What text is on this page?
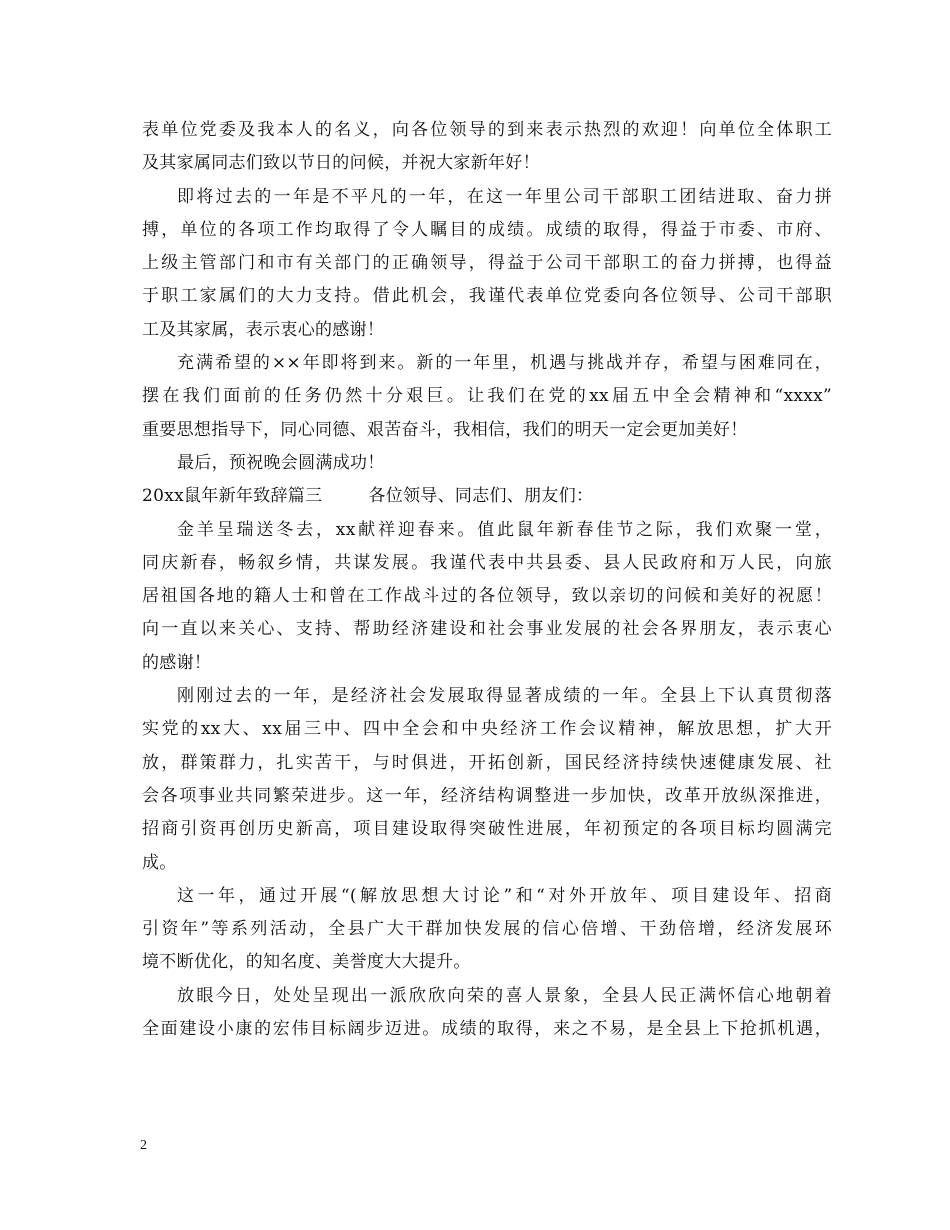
表单位党委及我本人的名义，向各位领导的到来表示热烈的欢迎！向单位全体职工
及其家属同志们致以节日的问候，并祝大家新年好！
即将过去的一年是不平凡的一年，在这一年里公司干部职工团结进取、奋力拼
搏，单位的各项工作均取得了令人瞩目的成绩。成绩的取得，得益于市委、市府、
上级主管部门和市有关部门的正确领导，得益于公司干部职工的奋力拼搏，也得益
于职工家属们的大力支持。借此机会，我谨代表单位党委向各位领导、公司干部职
工及其家属，表示衷心的感谢！
充满希望的××年即将到来。新的一年里，机遇与挑战并存，希望与困难同在，
摆在我们面前的任务仍然十分艰巨。让我们在党的xx届五中全会精神和“xxxx”
重要思想指导下，同心同德、艰苦奋斗，我相信，我们的明天一定会更加美好！
最后，预祝晚会圆满成功！
20xx鼠年新年致辞篇三	各位领导、同志们、朋友们：
金羊呈瑞送冬去，xx献祥迎春来。值此鼠年新春佳节之际，我们欢聚一堂，
同庆新春，畅叙乡情，共谋发展。我谨代表中共县委、县人民政府和万人民，向旅
居祖国各地的籍人士和曾在工作战斗过的各位领导，致以亲切的问候和美好的祝愿！
向一直以来关心、支持、帮助经济建设和社会事业发展的社会各界朋友，表示衷心
的感谢！
刚刚过去的一年，是经济社会发展取得显著成绩的一年。全县上下认真贯彻落
实党的xx大、xx届三中、四中全会和中央经济工作会议精神，解放思想，扩大开
放，群策群力，扎实苦干，与时俱进，开拓创新，国民经济持续快速健康发展、社
会各项事业共同繁荣进步。这一年，经济结构调整进一步加快，改革开放纵深推进，
招商引资再创历史新高，项目建设取得突破性进展，年初预定的各项目标均圆满完
成。
这一年，通过开展“(解放思想大讨论”和“对外开放年、项目建设年、招商
引资年”等系列活动，全县广大干群加快发展的信心倍增、干劲倍增，经济发展环
境不断优化，的知名度、美誉度大大提升。
放眼今日，处处呈现出一派欣欣向荣的喜人景象，全县人民正满怀信心地朝着
全面建设小康的宏伟目标阔步迈进。成绩的取得，来之不易，是全县上下抢抓机遇，
2
